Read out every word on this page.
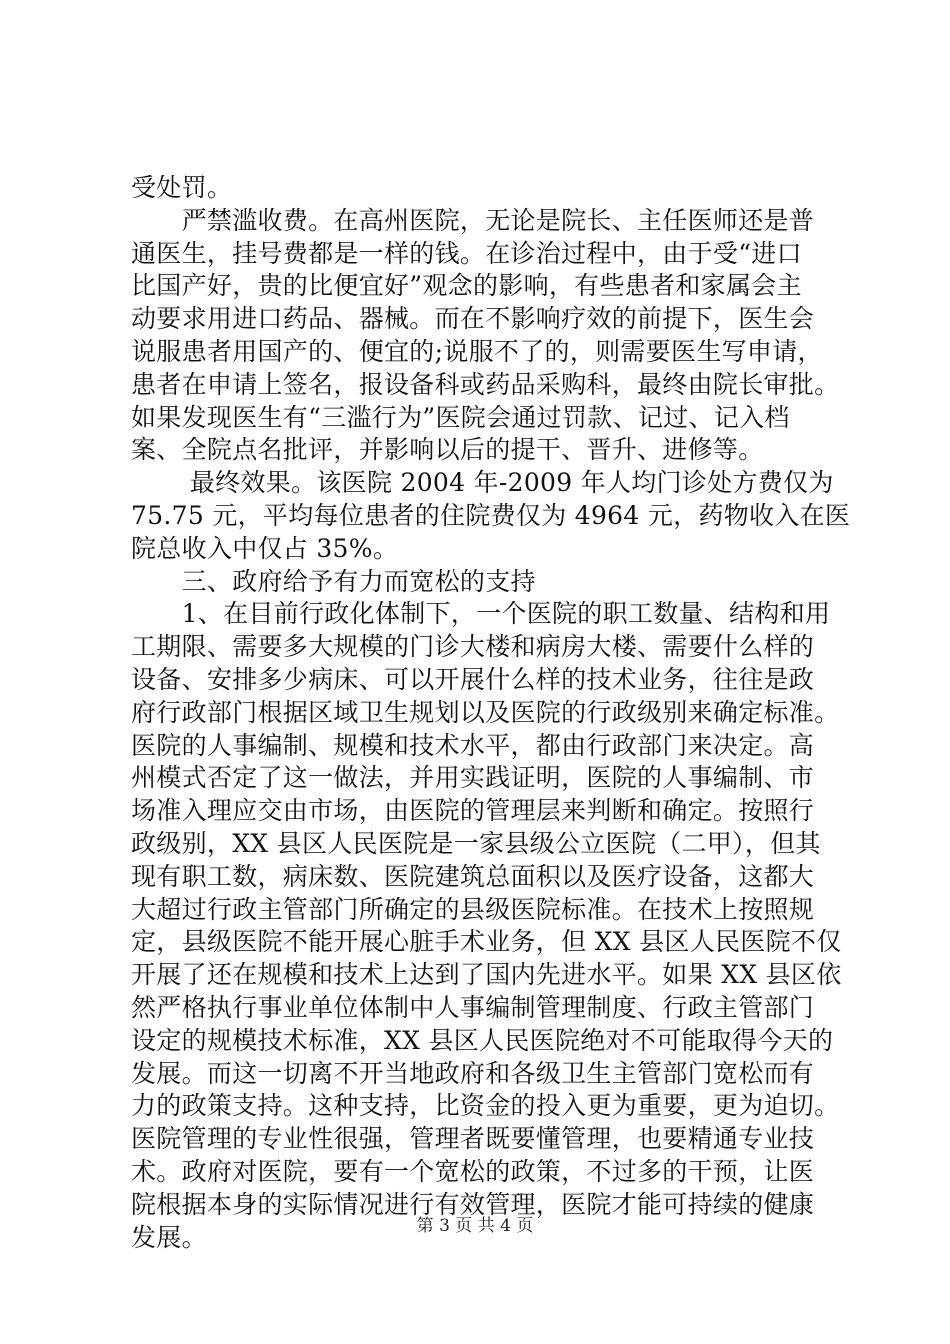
受处罚。
　　严禁滥收费。在高州医院，无论是院长、主任医师还是普
通医生，挂号费都是一样的钱。在诊治过程中，由于受“进口
比国产好，贵的比便宜好”观念的影响，有些患者和家属会主
动要求用进口药品、器械。而在不影响疗效的前提下，医生会
说服患者用国产的、便宜的;说服不了的，则需要医生写申请，
患者在申请上签名，报设备科或药品采购科，最终由院长审批。
如果发现医生有“三滥行为”医院会通过罚款、记过、记入档
案、全院点名批评，并影响以后的提干、晋升、进修等。
　　 最终效果。该医院 2004 年-2009 年人均门诊处方费仅为
75.75 元，平均每位患者的住院费仅为 4964 元，药物收入在医
院总收入中仅占 35%。
　　三、政府给予有力而宽松的支持
　　1、在目前行政化体制下，一个医院的职工数量、结构和用
工期限、需要多大规模的门诊大楼和病房大楼、需要什么样的
设备、安排多少病床、可以开展什么样的技术业务，往往是政
府行政部门根据区域卫生规划以及医院的行政级别来确定标准。
医院的人事编制、规模和技术水平，都由行政部门来决定。高
州模式否定了这一做法，并用实践证明，医院的人事编制、市
场准入理应交由市场，由医院的管理层来判断和确定。按照行
政级别，XX 县区人民医院是一家县级公立医院（二甲），但其
现有职工数，病床数、医院建筑总面积以及医疗设备，这都大
大超过行政主管部门所确定的县级医院标准。在技术上按照规
定，县级医院不能开展心脏手术业务，但 XX 县区人民医院不仅
开展了还在规模和技术上达到了国内先进水平。如果 XX 县区依
然严格执行事业单位体制中人事编制管理制度、行政主管部门
设定的规模技术标准，XX 县区人民医院绝对不可能取得今天的
发展。而这一切离不开当地政府和各级卫生主管部门宽松而有
力的政策支持。这种支持，比资金的投入更为重要，更为迫切。
医院管理的专业性很强，管理者既要懂管理，也要精通专业技
术。政府对医院，要有一个宽松的政策，不过多的干预，让医
院根据本身的实际情况进行有效管理，医院才能可持续的健康
发展。	第 3 页 共 4 页
